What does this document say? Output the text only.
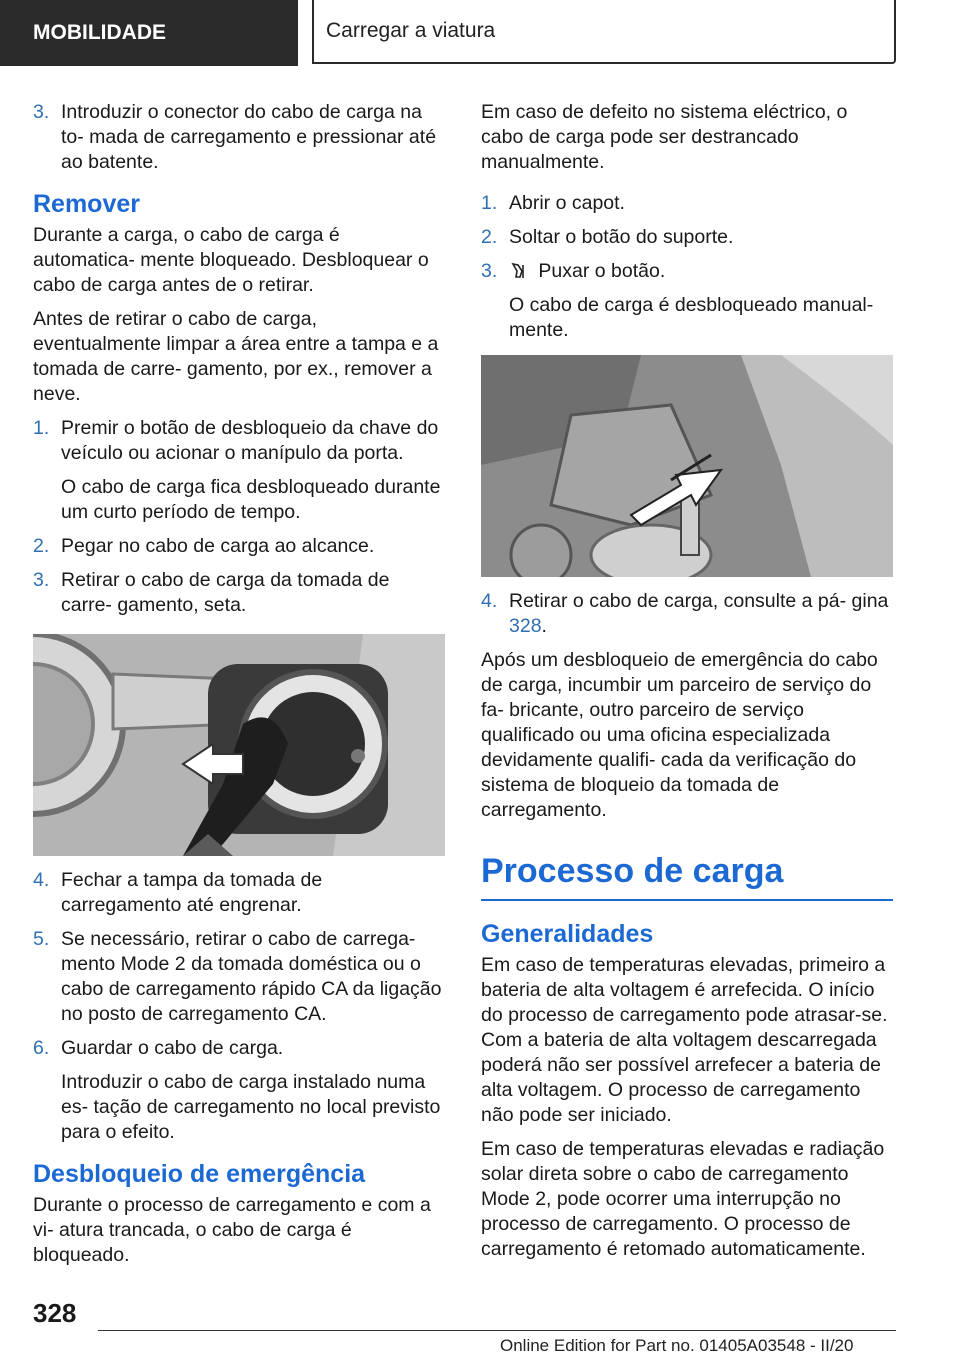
MOBILIDADE	Carregar a viatura
3. Introduzir o conector do cabo de carga na to- mada de carregamento e pressionar até ao batente.
Remover

Durante a carga, o cabo de carga é automatica- mente bloqueado. Desbloquear o cabo de carga antes de o retirar.

Antes de retirar o cabo de carga, eventualmente limpar a área entre a tampa e a tomada de carre- gamento, por ex., remover a neve.

1. Premir o botão de desbloqueio da chave do veículo ou acionar o manípulo da porta.

O cabo de carga fica desbloqueado durante um curto período de tempo.

2. Pegar no cabo de carga ao alcance.
3. Retirar o cabo de carga da tomada de carre- gamento, seta.
4. Fechar a tampa da tomada de carregamento até engrenar.
5. Se necessário, retirar o cabo de carrega- mento Mode 2 da tomada doméstica ou o cabo de carregamento rápido CA da ligação no posto de carregamento CA.
6. Guardar o cabo de carga.

Introduzir o cabo de carga instalado numa es- tação de carregamento no local previsto para o efeito.

Desbloqueio de emergência

Durante o processo de carregamento e com a vi- atura trancada, o cabo de carga é bloqueado.

Em caso de defeito no sistema eléctrico, o cabo de carga pode ser destrancado manualmente.

1. Abrir o capot.
2. Soltar o botão do suporte.
3.	Puxar o botão.

O cabo de carga é desbloqueado manual- mente.

4. Retirar o cabo de carga, consulte a pá- gina 328.

Após um desbloqueio de emergência do cabo de carga, incumbir um parceiro de serviço do fa- bricante, outro parceiro de serviço qualificado ou uma oficina especializada devidamente qualifi- cada da verificação do sistema de bloqueio da tomada de carregamento.

Processo de carga
Generalidades

Em caso de temperaturas elevadas, primeiro a bateria de alta voltagem é arrefecida. O início do processo de carregamento pode atrasar-se. Com a bateria de alta voltagem descarregada poderá não ser possível arrefecer a bateria de alta voltagem. O processo de carregamento não pode ser iniciado.

Em caso de temperaturas elevadas e radiação solar direta sobre o cabo de carregamento Mode 2, pode ocorrer uma interrupção no processo de carregamento. O processo de carregamento é retomado automaticamente.

328
Online Edition for Part no. 01405A03548 - II/20
